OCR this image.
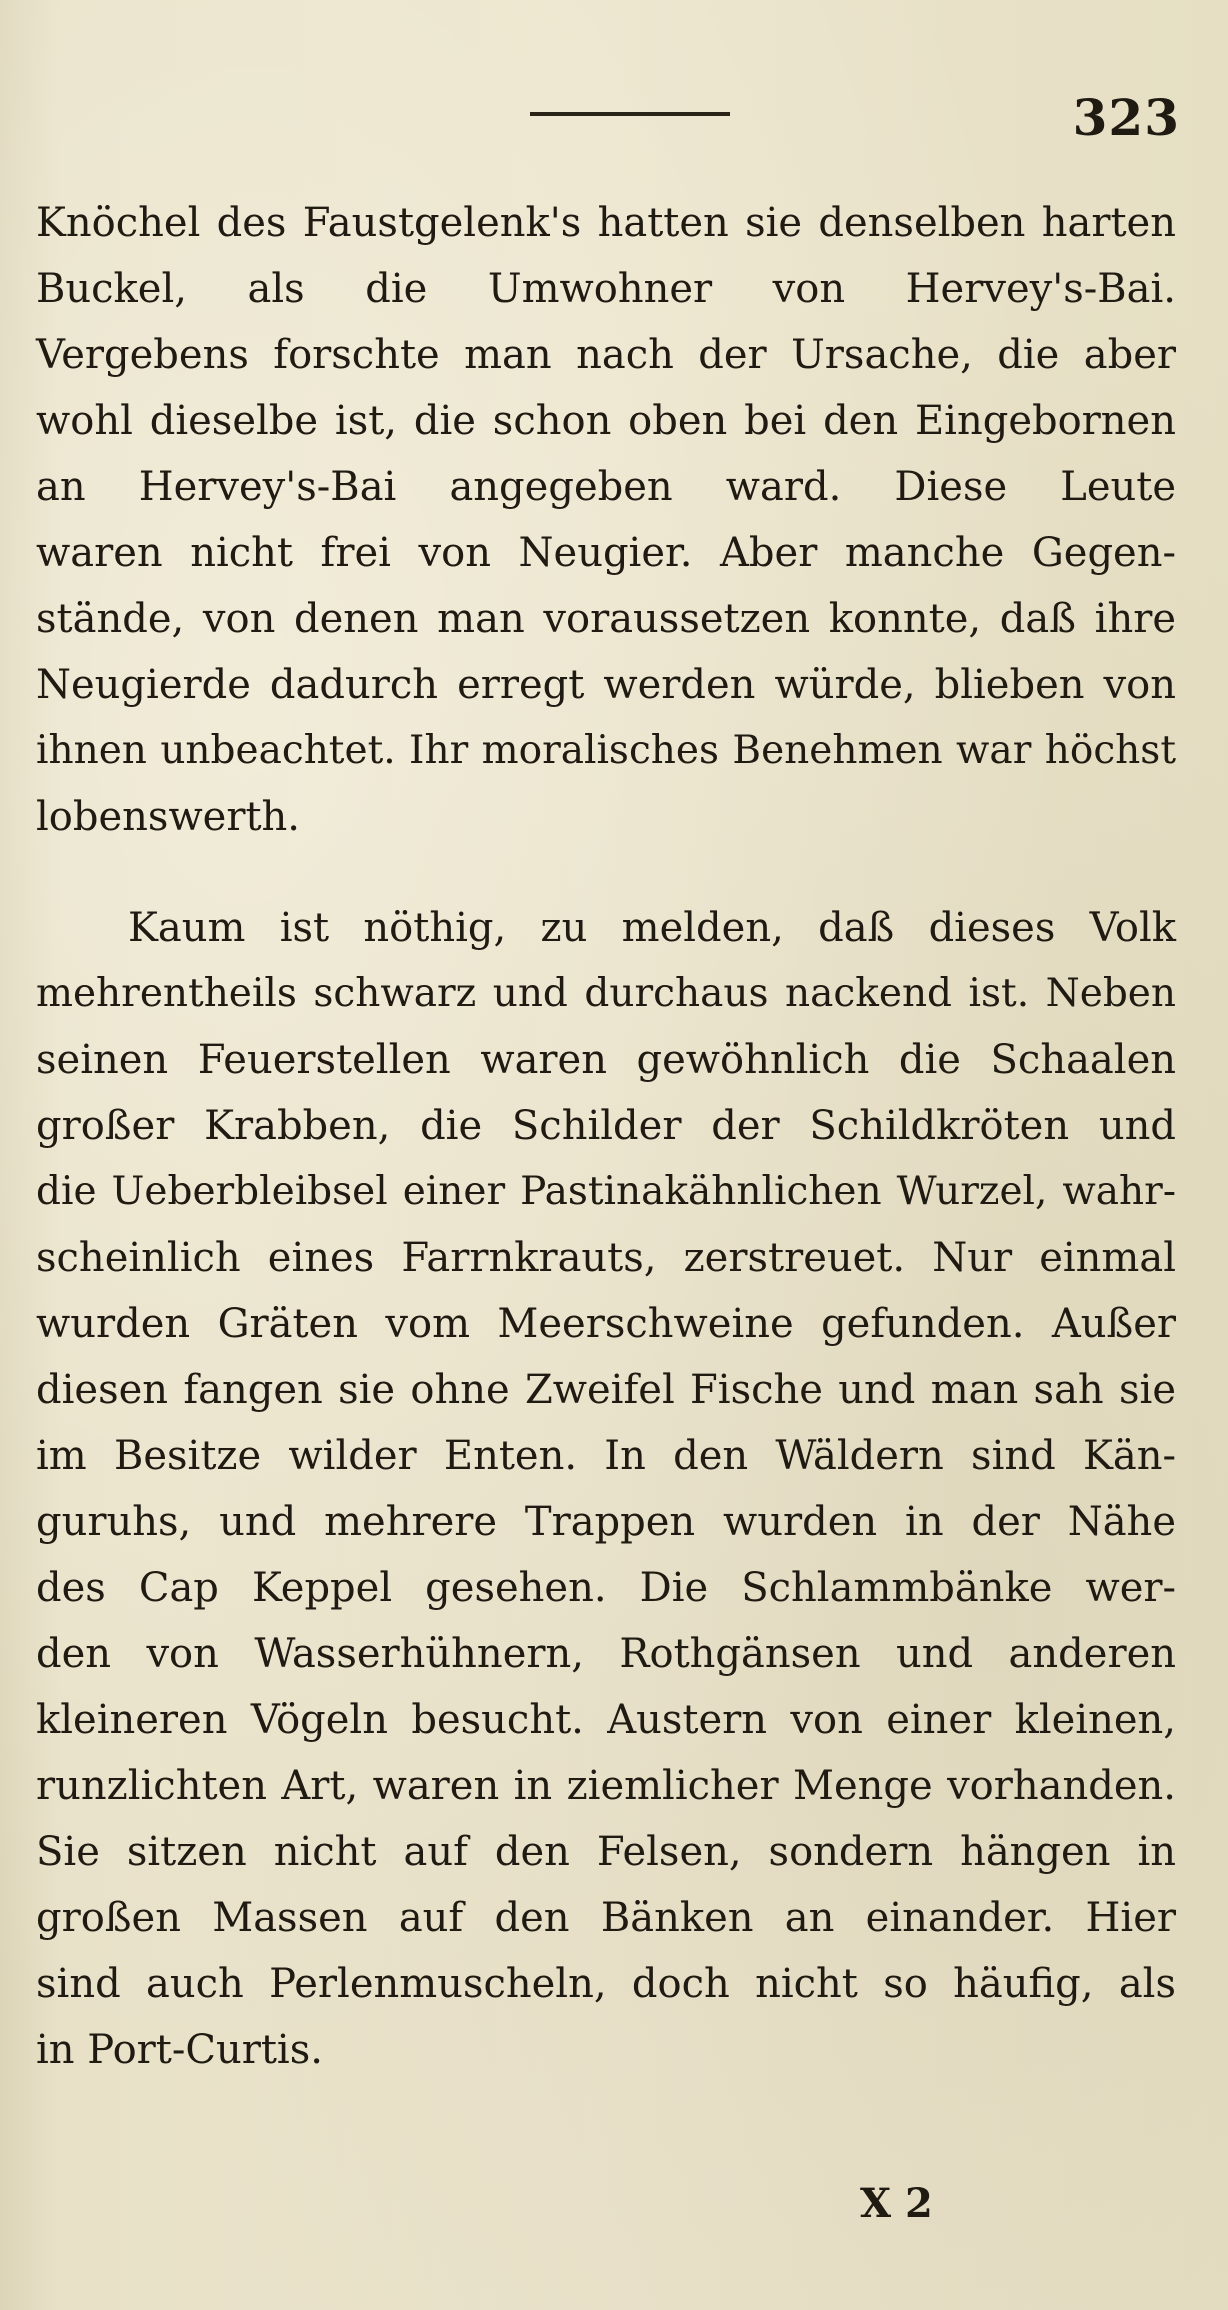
323
Knöchel des Faustgelenk's hatten sie denselben harten
Buckel, als die Umwohner von Hervey's-Bai.
Vergebens forschte man nach der Ursache, die aber
wohl dieselbe ist, die schon oben bei den Eingebornen
an Hervey's-Bai angegeben ward. Diese Leute
waren nicht frei von Neugier. Aber manche Gegen-
stände, von denen man voraussetzen konnte, daß ihre
Neugierde dadurch erregt werden würde, blieben von
ihnen unbeachtet. Ihr moralisches Benehmen war höchst
lobenswerth.
Kaum ist nöthig, zu melden, daß dieses Volk
mehrentheils schwarz und durchaus nackend ist. Neben
seinen Feuerstellen waren gewöhnlich die Schaalen
großer Krabben, die Schilder der Schildkröten und
die Ueberbleibsel einer Pastinakähnlichen Wurzel, wahr-
scheinlich eines Farrnkrauts, zerstreuet. Nur einmal
wurden Gräten vom Meerschweine gefunden. Außer
diesen fangen sie ohne Zweifel Fische und man sah sie
im Besitze wilder Enten. In den Wäldern sind Kän-
guruhs, und mehrere Trappen wurden in der Nähe
des Cap Keppel gesehen. Die Schlammbänke wer-
den von Wasserhühnern, Rothgänsen und anderen
kleineren Vögeln besucht. Austern von einer kleinen,
runzlichten Art, waren in ziemlicher Menge vorhanden.
Sie sitzen nicht auf den Felsen, sondern hängen in
großen Massen auf den Bänken an einander. Hier
sind auch Perlenmuscheln, doch nicht so häufig, als
in Port-Curtis.
X 2
